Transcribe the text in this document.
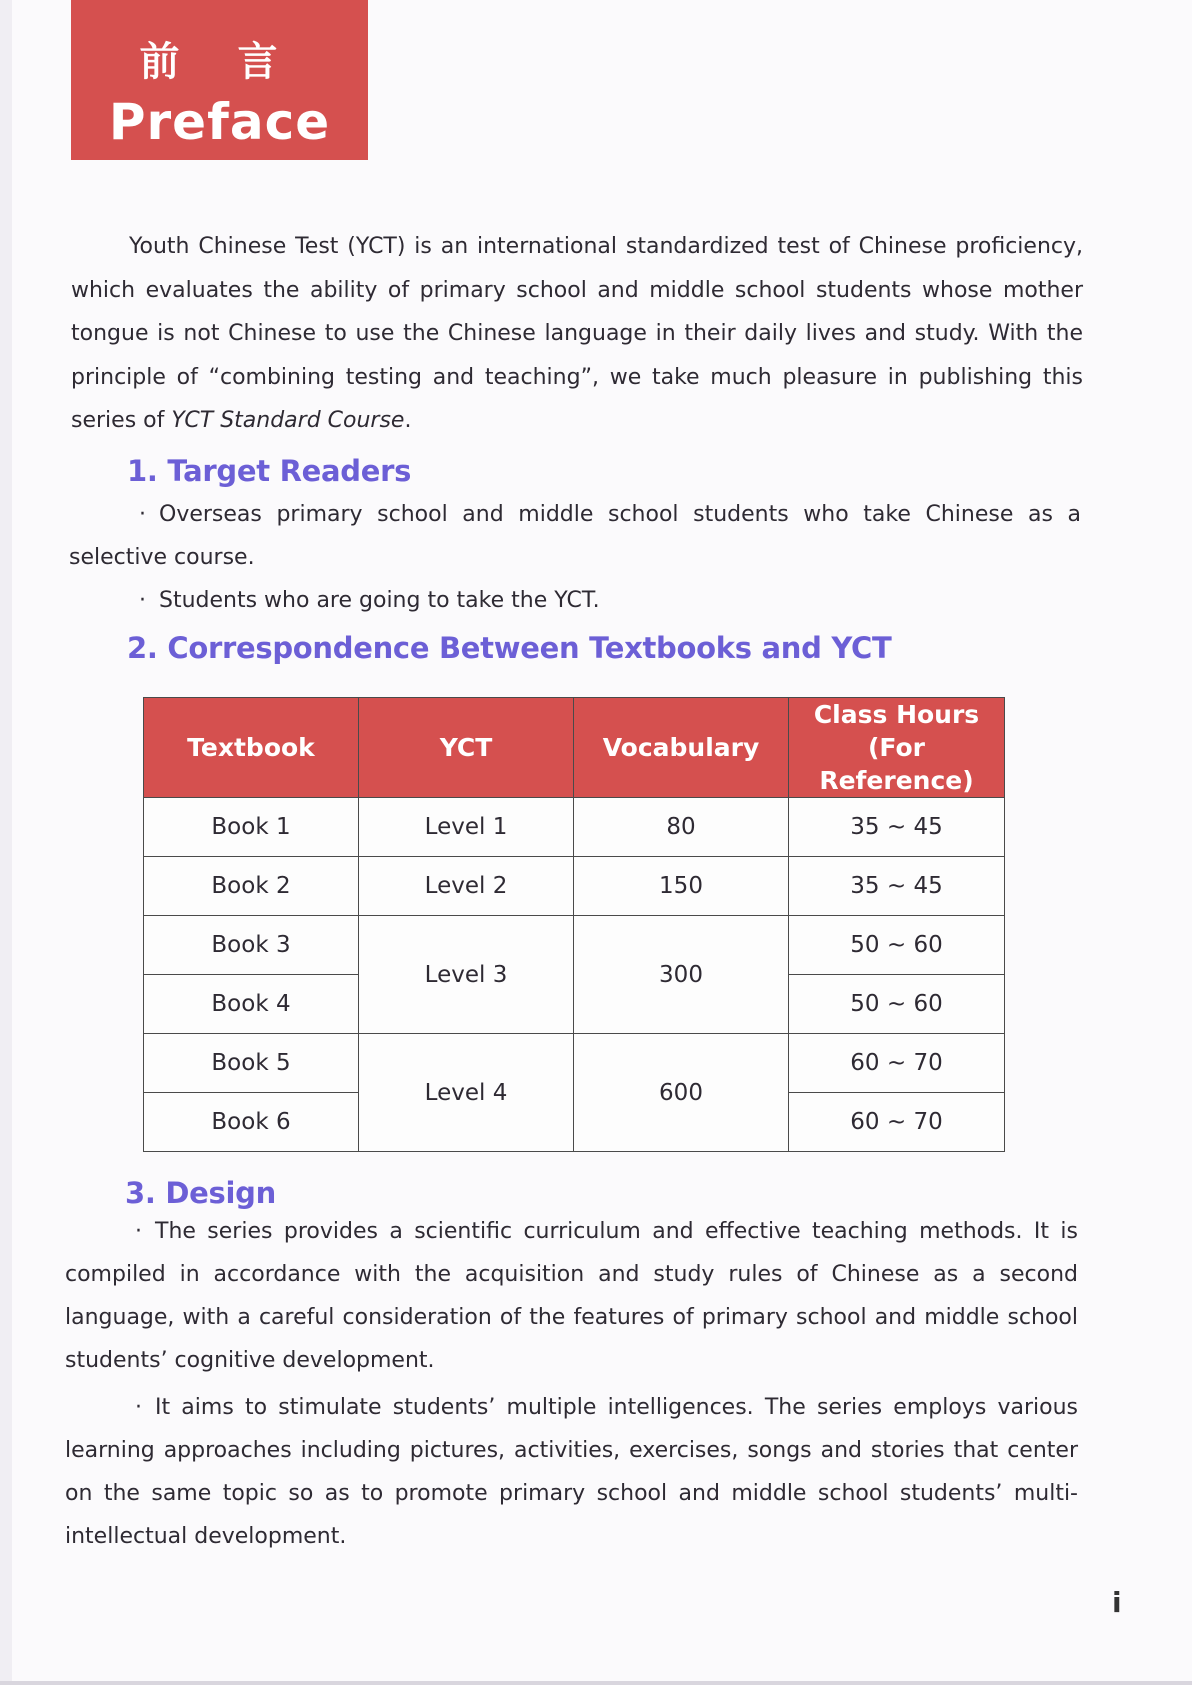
前 言
Preface

Youth Chinese Test (YCT) is an international standardized test of Chinese proficiency, which evaluates the ability of primary school and middle school students whose mother tongue is not Chinese to use the Chinese language in their daily lives and study. With the principle of “combining testing and teaching”, we take much pleasure in publishing this series of YCT Standard Course.

1. Target Readers

· Overseas primary school and middle school students who take Chinese as a selective course.

· Students who are going to take the YCT.

2. Correspondence Between Textbooks and YCT
Textbook	YCT	Vocabulary	Class Hours
(For Reference)
Book 1	Level 1	80	35 ~ 45
Book 2	Level 2	150	35 ~ 45
Book 3	Level 3	300	50 ~ 60
Book 4			50 ~ 60
Book 5	Level 4	600	60 ~ 70
Book 6			60 ~ 70
3. Design

· The series provides a scientific curriculum and effective teaching methods. It is compiled in accordance with the acquisition and study rules of Chinese as a second language, with a careful consideration of the features of primary school and middle school students’ cognitive development.

· It aims to stimulate students’ multiple intelligences. The series employs various learning approaches including pictures, activities, exercises, songs and stories that center on the same topic so as to promote primary school and middle school students’ multi-intellectual development.

i
